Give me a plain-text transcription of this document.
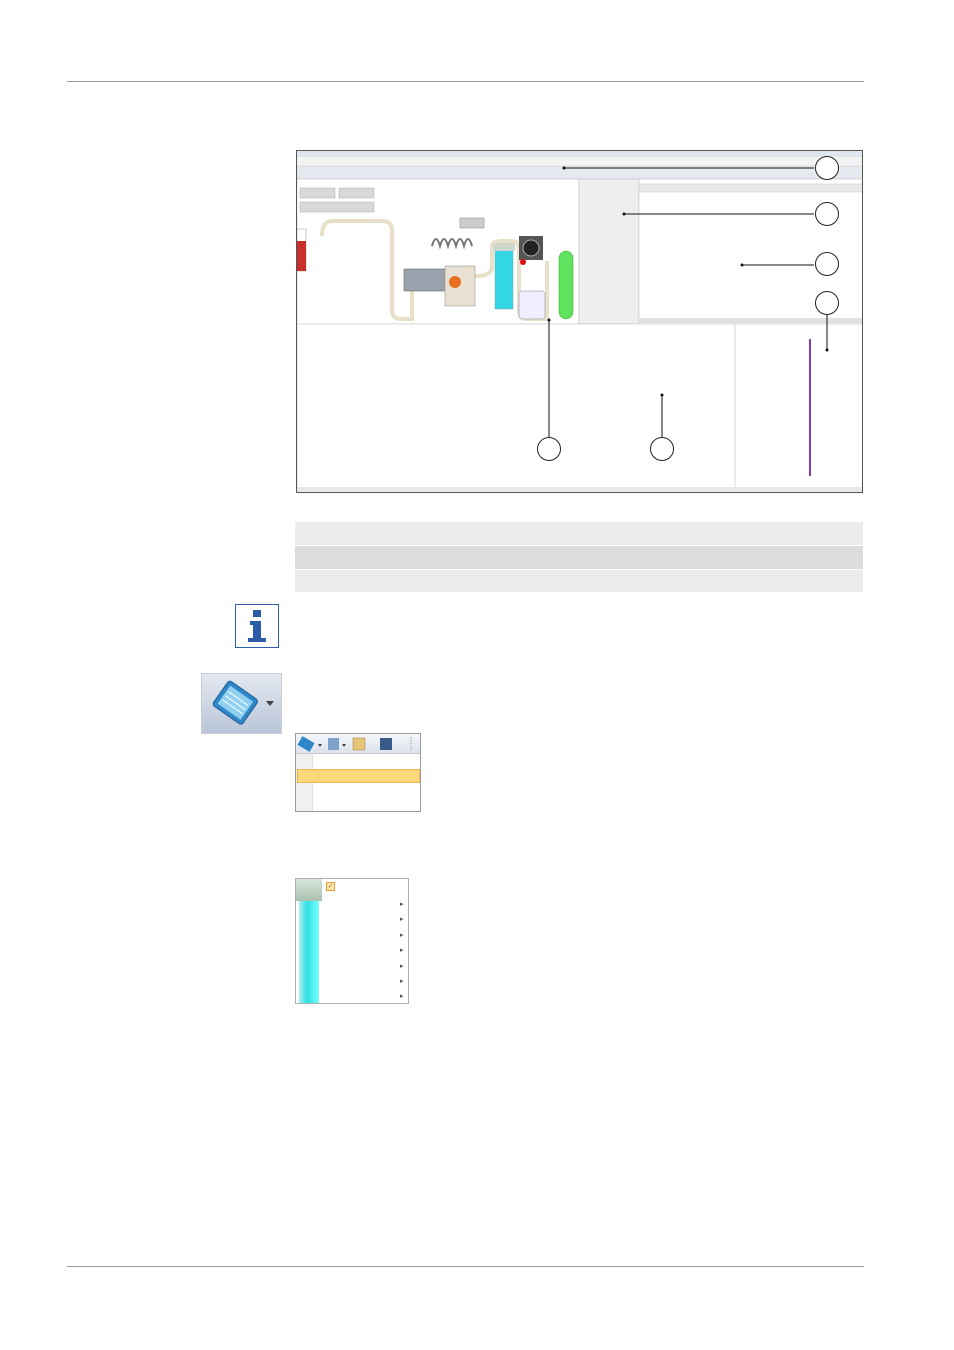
✓
▸
▸
▸
▸
▸
▸
▸
